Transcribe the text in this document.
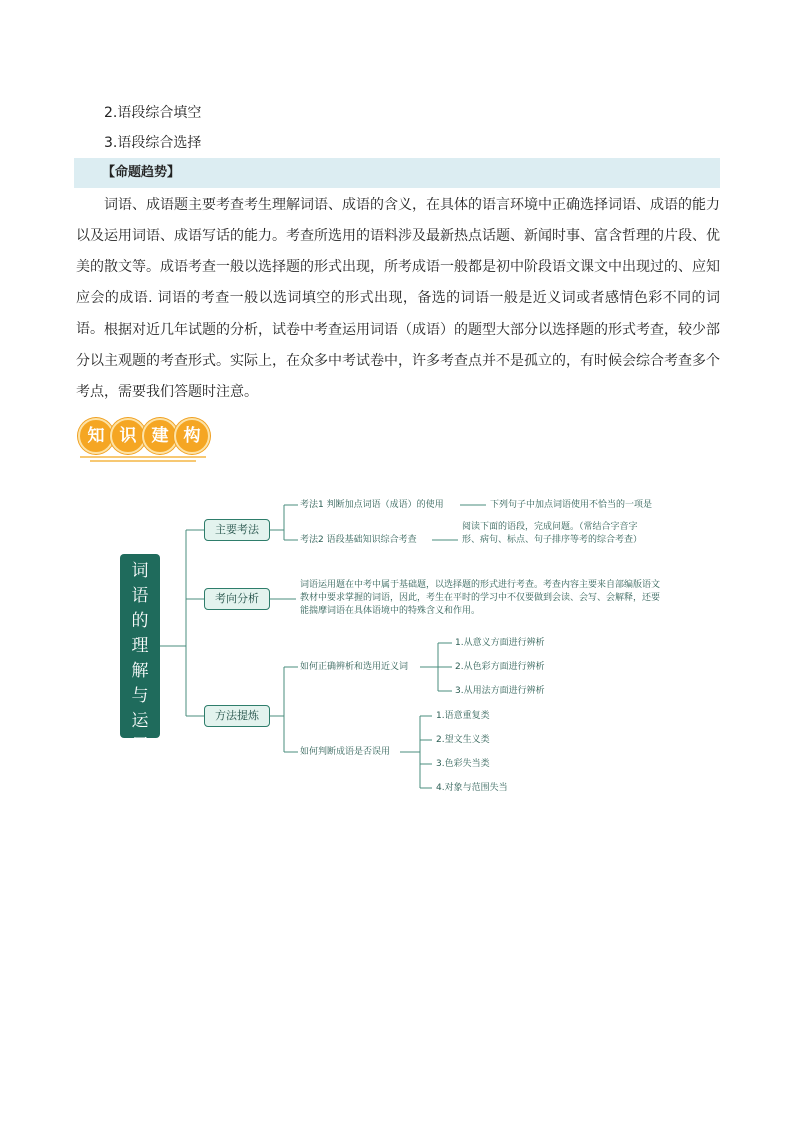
2.语段综合填空
3.语段综合选择
【命题趋势】

词语、成语题主要考查考生理解词语、成语的含义，在具体的语言环境中正确选择词语、成语的能力以及运用词语、成语写话的能力。考查所选用的语料涉及最新热点话题、新闻时事、富含哲理的片段、优美的散文等。成语考查一般以选择题的形式出现，所考成语一般都是初中阶段语文课文中出现过的、应知应会的成语. 词语的考查一般以选词填空的形式出现，备选的词语一般是近义词或者感情色彩不同的词语。 根据对近几年试题的分析，试卷中考查运用词语（成语）的题型大部分以选择题的形式考查，较少部分以主观题的考查形式。实际上，在众多中考试卷中，许多考查点并不是孤立的，有时候会综合考查多个考点，需要我们答题时注意。

知 识 建 构
词语的理解与运用
主要考法
考向分析
方法提炼
考法1 判断加点词语（成语）的使用	下列句子中加点词语使用不恰当的一项是
考法2 语段基础知识综合考查
阅读下面的语段，完成问题。（常结合字音字形、病句、标点、句子排序等考的综合考查）
词语运用题在中考中属于基础题，以选择题的形式进行考查。考查内容主要来自部编版语文教材中要求掌握的词语，因此，考生在平时的学习中不仅要做到会读、会写、会解释，还要能揣摩词语在具体语境中的特殊含义和作用。
如何正确辨析和选用近义词
1.从意义方面进行辨析
2.从色彩方面进行辨析
3.从用法方面进行辨析
如何判断成语是否误用
1.语意重复类
2.望文生义类
3.色彩失当类
4.对象与范围失当
